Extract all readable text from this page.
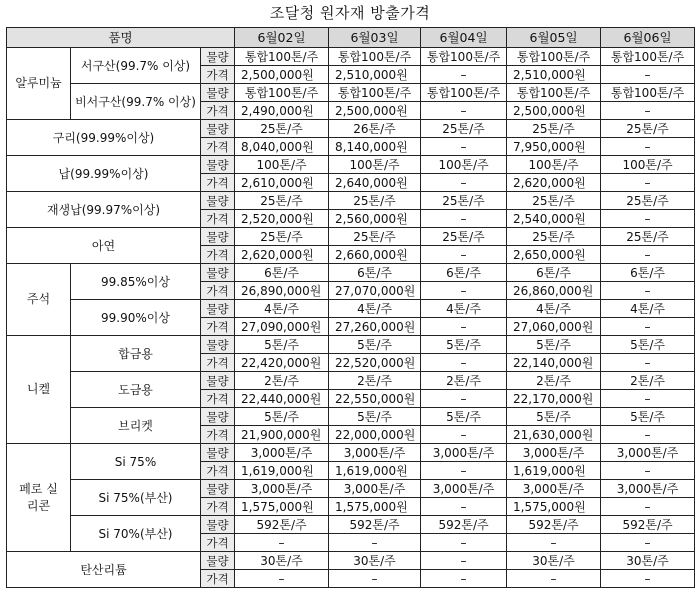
조달청 원자재 방출가격
품명			6월02일	6월03일	6월04일	6월05일	6월06일
알루미늄	서구산(99.7% 이상)	물량	통합100톤/주	통합100톤/주	통합100톤/주	통합100톤/주	통합100톤/주
		가격	2,500,000원	2,510,000원	–	2,510,000원	–
	비서구산(99.7% 이상)	물량	통합100톤/주	통합100톤/주	통합100톤/주	통합100톤/주	통합100톤/주
		가격	2,490,000원	2,500,000원	–	2,500,000원	–
구리(99.99%이상)		물량	25톤/주	26톤/주	25톤/주	25톤/주	25톤/주
		가격	8,040,000원	8,140,000원	–	7,950,000원	–
납(99.99%이상)		물량	100톤/주	100톤/주	100톤/주	100톤/주	100톤/주
		가격	2,610,000원	2,640,000원	–	2,620,000원	–
재생납(99.97%이상)		물량	25톤/주	25톤/주	25톤/주	25톤/주	25톤/주
		가격	2,520,000원	2,560,000원	–	2,540,000원	–
아연		물량	25톤/주	25톤/주	25톤/주	25톤/주	25톤/주
		가격	2,620,000원	2,660,000원	–	2,650,000원	–
주석	99.85%이상	물량	6톤/주	6톤/주	6톤/주	6톤/주	6톤/주
		가격	26,890,000원	27,070,000원	–	26,860,000원	–
	99.90%이상	물량	4톤/주	4톤/주	4톤/주	4톤/주	4톤/주
		가격	27,090,000원	27,260,000원	–	27,060,000원	–
니켈	합금용	물량	5톤/주	5톤/주	5톤/주	5톤/주	5톤/주
		가격	22,420,000원	22,520,000원	–	22,140,000원	–
	도금용	물량	2톤/주	2톤/주	2톤/주	2톤/주	2톤/주
		가격	22,440,000원	22,550,000원	–	22,170,000원	–
	브리켓	물량	5톤/주	5톤/주	5톤/주	5톤/주	5톤/주
		가격	21,900,000원	22,000,000원	–	21,630,000원	–
페로 실리콘	Si 75%	물량	3,000톤/주	3,000톤/주	3,000톤/주	3,000톤/주	3,000톤/주
		가격	1,619,000원	1,619,000원	–	1,619,000원	–
	Si 75%(부산)	물량	3,000톤/주	3,000톤/주	3,000톤/주	3,000톤/주	3,000톤/주
		가격	1,575,000원	1,575,000원	–	1,575,000원	–
	Si 70%(부산)	물량	592톤/주	592톤/주	592톤/주	592톤/주	592톤/주
		가격	–	–	–	–	–
탄산리튬		물량	30톤/주	30톤/주	–	30톤/주	30톤/주
		가격	–	–	–	–	–
